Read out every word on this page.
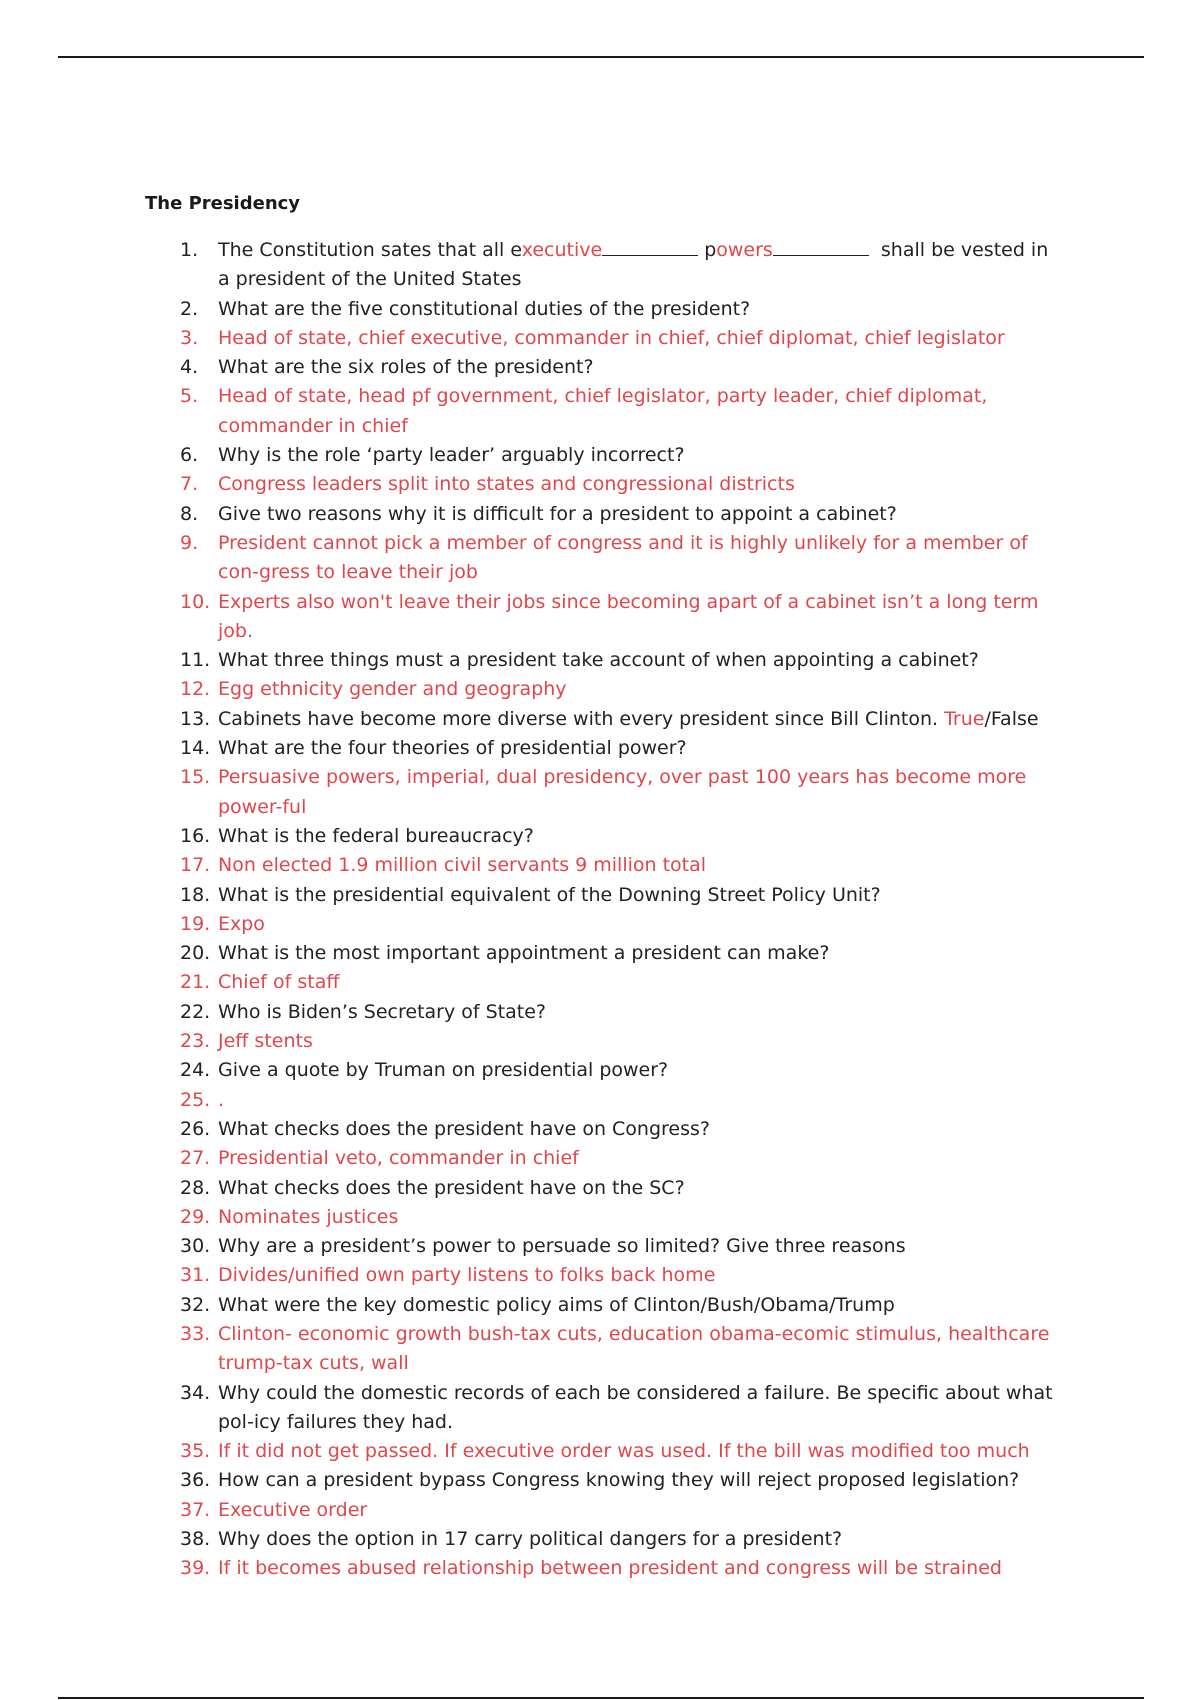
The Presidency
1. The Constitution sates that all executive	powers	shall be vested in a president of the United States
2. What are the five constitutional duties of the president?
3. Head of state, chief executive, commander in chief, chief diplomat, chief legislator
4. What are the six roles of the president?
5. Head of state, head pf government, chief legislator, party leader, chief diplomat, commander in chief
6. Why is the role ‘party leader’ arguably incorrect?
7. Congress leaders split into states and congressional districts
8. Give two reasons why it is difficult for a president to appoint a cabinet?
9. President cannot pick a member of congress and it is highly unlikely for a member of con-gress to leave their job
10. Experts also won't leave their jobs since becoming apart of a cabinet isn’t a long term job.
11. What three things must a president take account of when appointing a cabinet?
12. Egg ethnicity gender and geography
13. Cabinets have become more diverse with every president since Bill Clinton. True/False
14. What are the four theories of presidential power?
15. Persuasive powers, imperial, dual presidency, over past 100 years has become more power-ful
16. What is the federal bureaucracy?
17. Non elected 1.9 million civil servants 9 million total
18. What is the presidential equivalent of the Downing Street Policy Unit?
19. Expo
20. What is the most important appointment a president can make?
21. Chief of staff
22. Who is Biden’s Secretary of State?
23. Jeff stents
24. Give a quote by Truman on presidential power?
25. .
26. What checks does the president have on Congress?
27. Presidential veto, commander in chief
28. What checks does the president have on the SC?
29. Nominates justices
30. Why are a president’s power to persuade so limited? Give three reasons
31. Divides/unified own party listens to folks back home
32. What were the key domestic policy aims of Clinton/Bush/Obama/Trump
33. Clinton- economic growth bush-tax cuts, education obama-ecomic stimulus, healthcare trump-tax cuts, wall
34. Why could the domestic records of each be considered a failure. Be specific about what pol-icy failures they had.
35. If it did not get passed. If executive order was used. If the bill was modified too much
36. How can a president bypass Congress knowing they will reject proposed legislation?
37. Executive order
38. Why does the option in 17 carry political dangers for a president?
39. If it becomes abused relationship between president and congress will be strained
